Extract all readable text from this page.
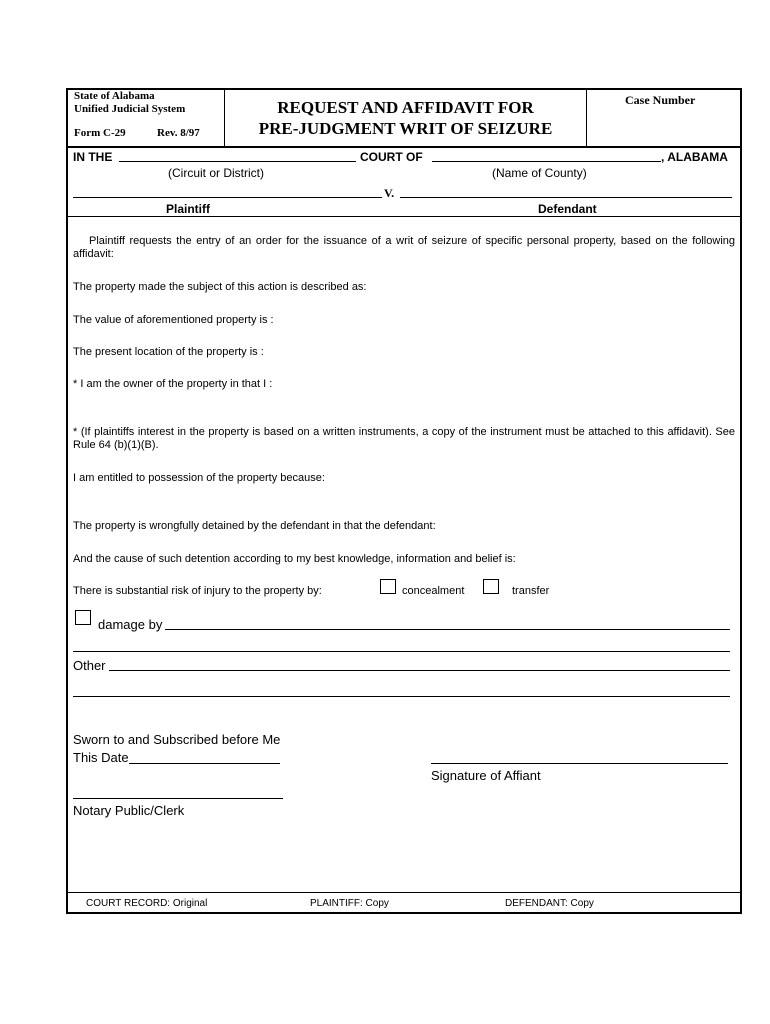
State of Alabama
Unified Judicial System
Form C-29	Rev. 8/97
REQUEST AND AFFIDAVIT FOR
PRE-JUDGMENT WRIT OF SEIZURE
Case Number
IN THE	COURT OF	, ALABAMA
(Circuit or District)	(Name of County)
V.
Plaintiff	Defendant
Plaintiff requests the entry of an order for the issuance of a writ of seizure of specific personal property, based on the following affidavit:
The property made the subject of this action is described as:
The value of aforementioned property is :
The present location of the property is :
* I am the owner of the property in that I :
* (If plaintiffs interest in the property is based on a written instruments, a copy of the instrument must be attached to this affidavit). See Rule 64 (b)(1)(B).
I am entitled to possession of the property because:
The property is wrongfully detained by the defendant in that the defendant:
And the cause of such detention according to my best knowledge, information and belief is:
There is substantial risk of injury to the property by:	concealment	transfer
damage by
Other
Sworn to and Subscribed before Me
This Date
Signature of Affiant
Notary Public/Clerk
COURT RECORD: Original	PLAINTIFF: Copy	DEFENDANT: Copy
